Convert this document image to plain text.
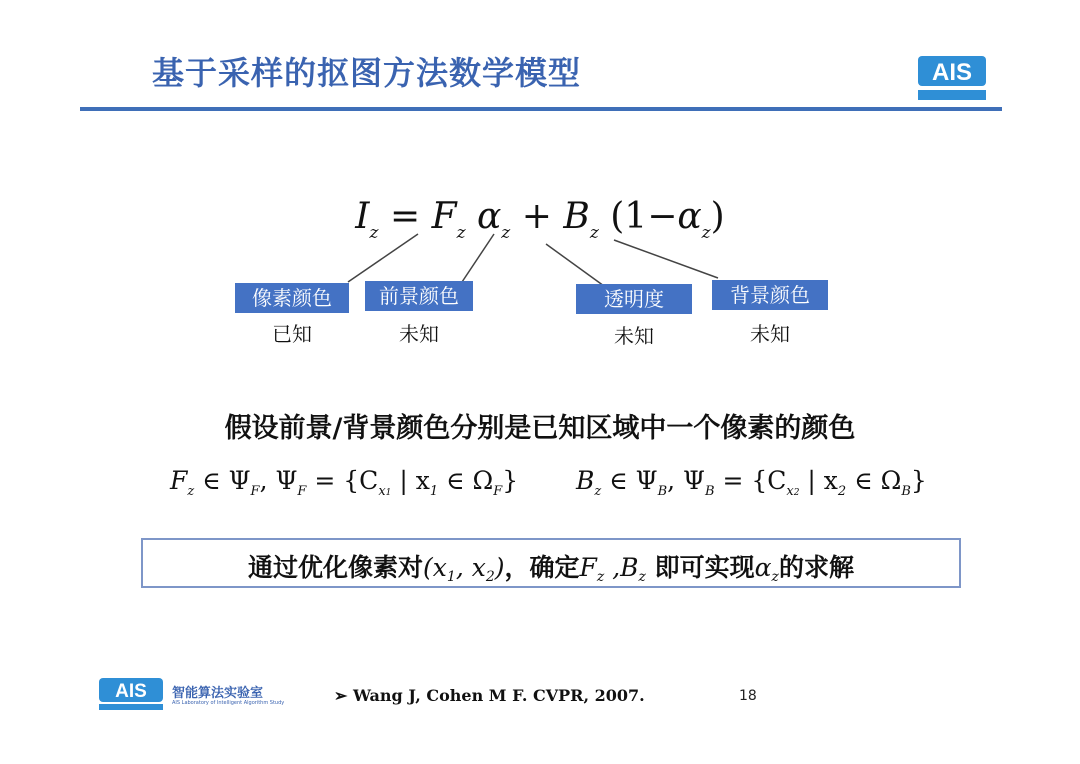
基于采样的抠图方法数学模型	AIS
$I_z = F_z$ $\alpha_z + B_z$ $(1-\alpha_z)$
像素颜色
已知
前景颜色
未知
透明度
未知
背景颜色
未知
假设前景/背景颜色分别是已知区域中一个像素的颜色
$F_z$ ∈ $\Psi_F$, $\Psi_F = \{C_{x1}$ | $x_1$ ∈ $\Omega_F$} $B_z$ ∈ $\Psi_B$, $\Psi_B = \{C_{x2}$ | $x_2$ ∈ $\Omega_B$}
通过优化像素对($x_1$, $x_2$)，确定$F_z$ $,B_z$ 即可实现$\alpha_z$的求解
AIS 智能算法实验室
AIS Laboratory of Intelligent Algorithm Study	➢ Wang J, Cohen M F. CVPR, 2007.	18
